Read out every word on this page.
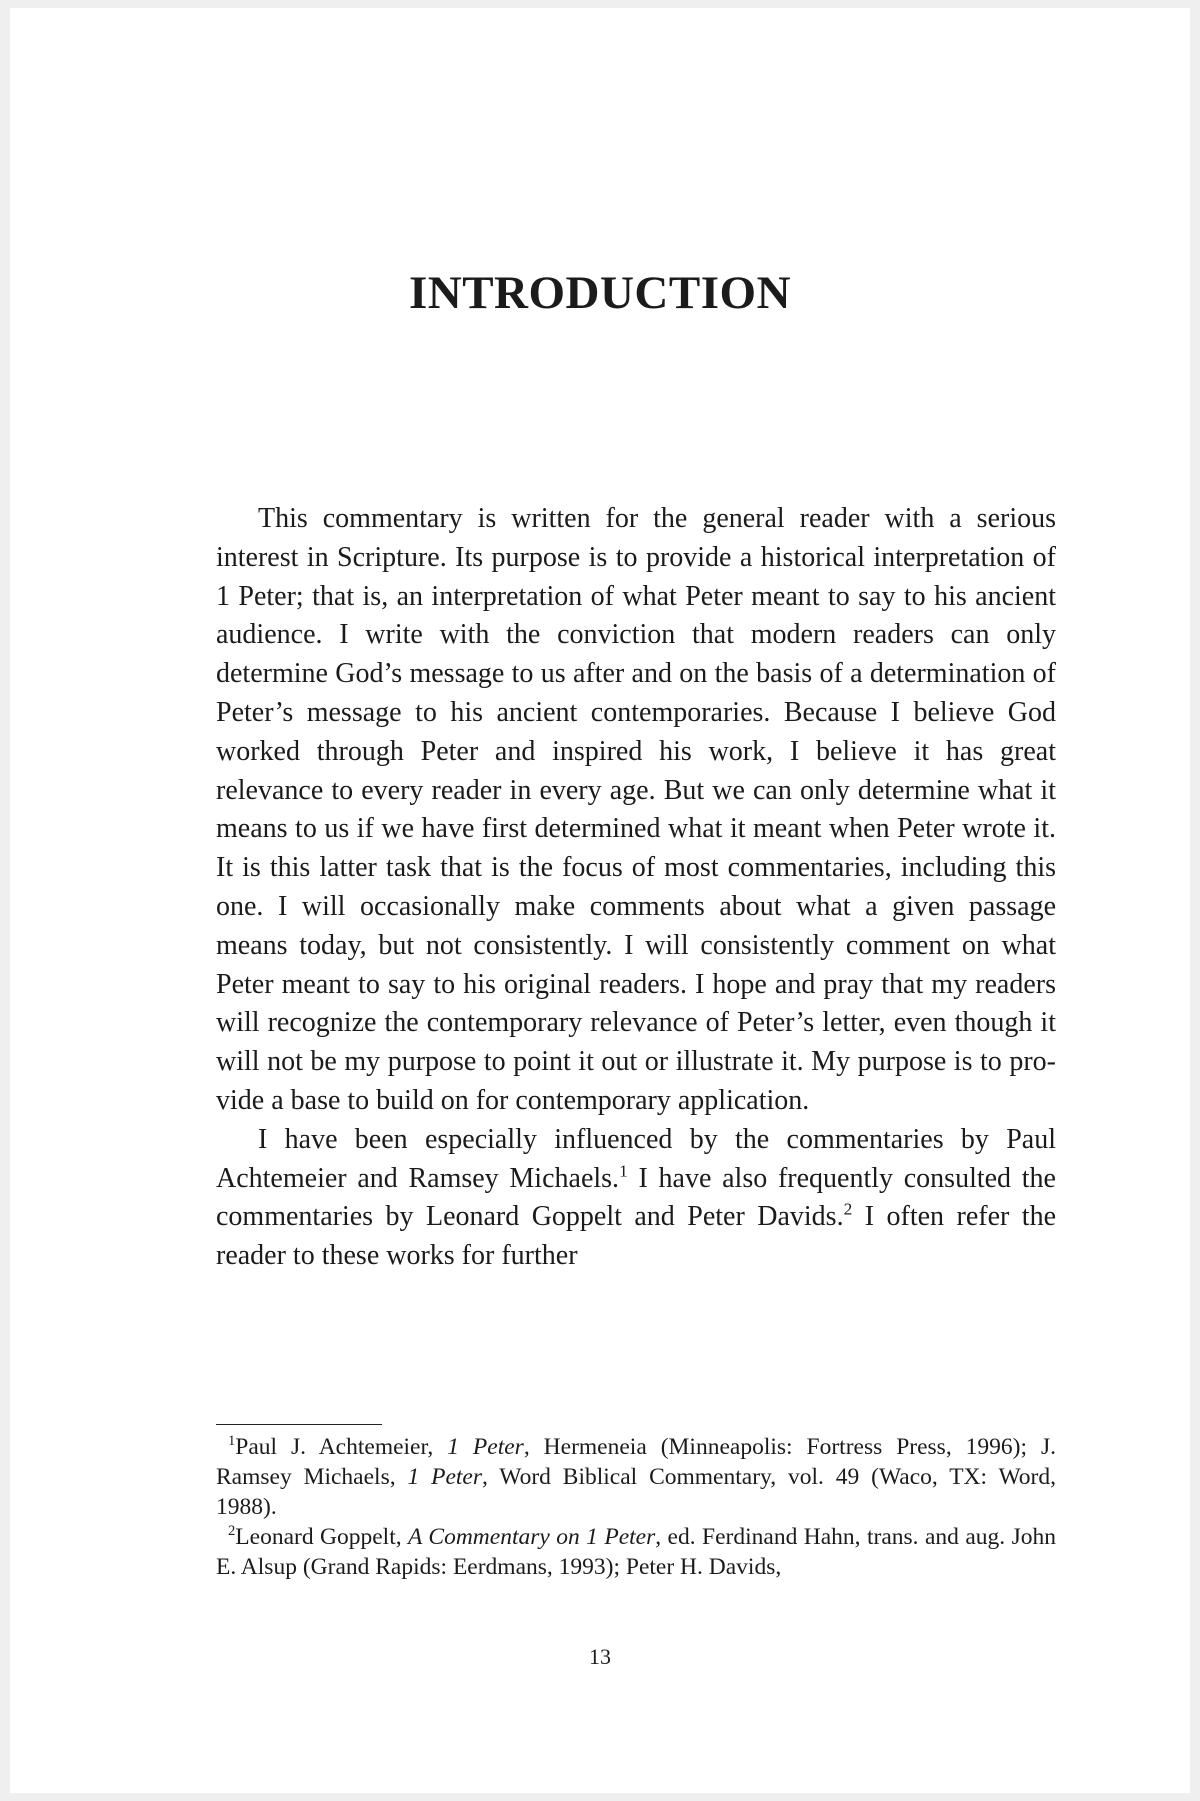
INTRODUCTION

This commentary is written for the general reader with a serious interest in Scripture. Its purpose is to provide a historical interpretation of 1 Peter; that is, an interpretation of what Peter meant to say to his ancient audience. I write with the conviction that modern readers can only determine God’s message to us after and on the basis of a determination of Peter’s message to his ancient contemporaries. Because I believe God worked through Peter and inspired his work, I believe it has great relevance to every reader in every age. But we can only determine what it means to us if we have first determined what it meant when Peter wrote it. It is this latter task that is the focus of most commentaries, including this one. I will occasionally make comments about what a given passage means today, but not consistently. I will consistently comment on what Peter meant to say to his original readers. I hope and pray that my readers will recognize the contemporary relevance of Peter’s letter, even though it will not be my purpose to point it out or illustrate it. My purpose is to provide a base to build on for contemporary application.

I have been especially influenced by the commentaries by Paul Achtemeier and Ramsey Michaels.$^1$ I have also frequently consulted the commentaries by Leonard Goppelt and Peter Davids.$^2$ I often refer the reader to these works for further

$^1$Paul J. Achtemeier, 1 Peter, Hermeneia (Minneapolis: Fortress Press, 1996); J. Ramsey Michaels, 1 Peter, Word Biblical Commentary, vol. 49 (Waco, TX: Word, 1988).

$^2$Leonard Goppelt, A Commentary on 1 Peter, ed. Ferdinand Hahn, trans. and aug. John E. Alsup (Grand Rapids: Eerdmans, 1993); Peter H. Davids,

13
